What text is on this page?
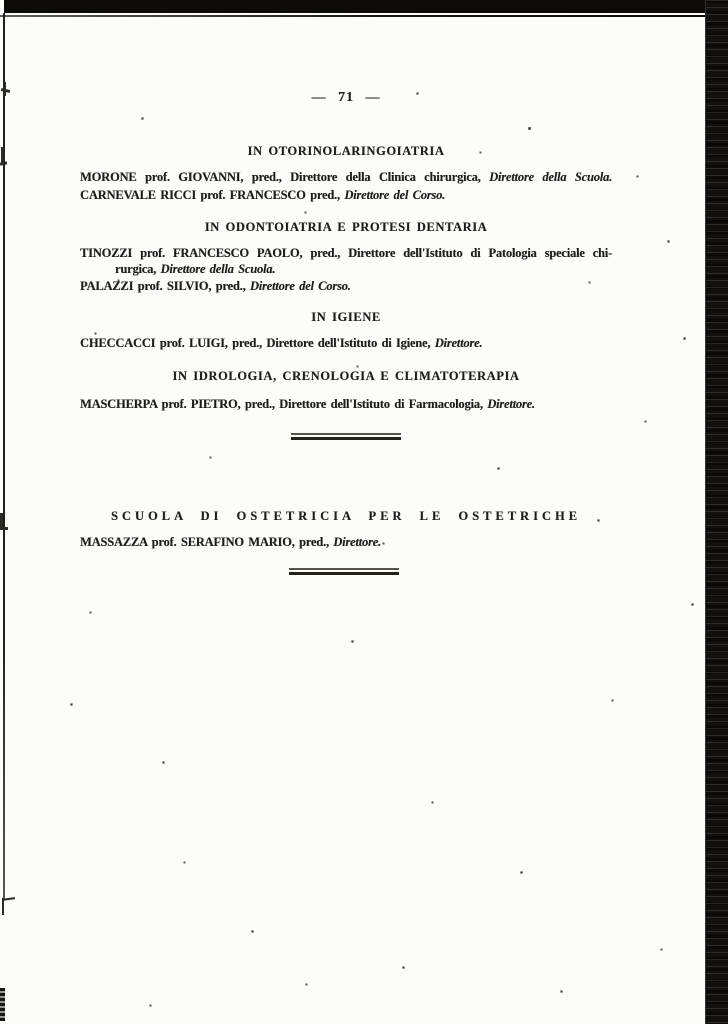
— 71 —
IN OTORINOLARINGOIATRIA

MORONE prof. GIOVANNI, pred., Direttore della Clinica chirurgica, Direttore della Scuola.

CARNEVALE RICCI prof. FRANCESCO pred., Direttore del Corso.

IN ODONTOIATRIA E PROTESI DENTARIA

TINOZZI prof. FRANCESCO PAOLO, pred., Direttore dell'Istituto di Patologia speciale chi-

rurgica, Direttore della Scuola.

PALAZZI prof. SILVIO, pred., Direttore del Corso.

IN IGIENE

CHECCACCI prof. LUIGI, pred., Direttore dell'Istituto di Igiene, Direttore.

IN IDROLOGIA, CRENOLOGIA E CLIMATOTERAPIA

MASCHERPA prof. PIETRO, pred., Direttore dell'Istituto di Farmacologia, Direttore.

SCUOLA DI OSTETRICIA PER LE OSTETRICHE

MASSAZZA prof. SERAFINO MARIO, pred., Direttore.
